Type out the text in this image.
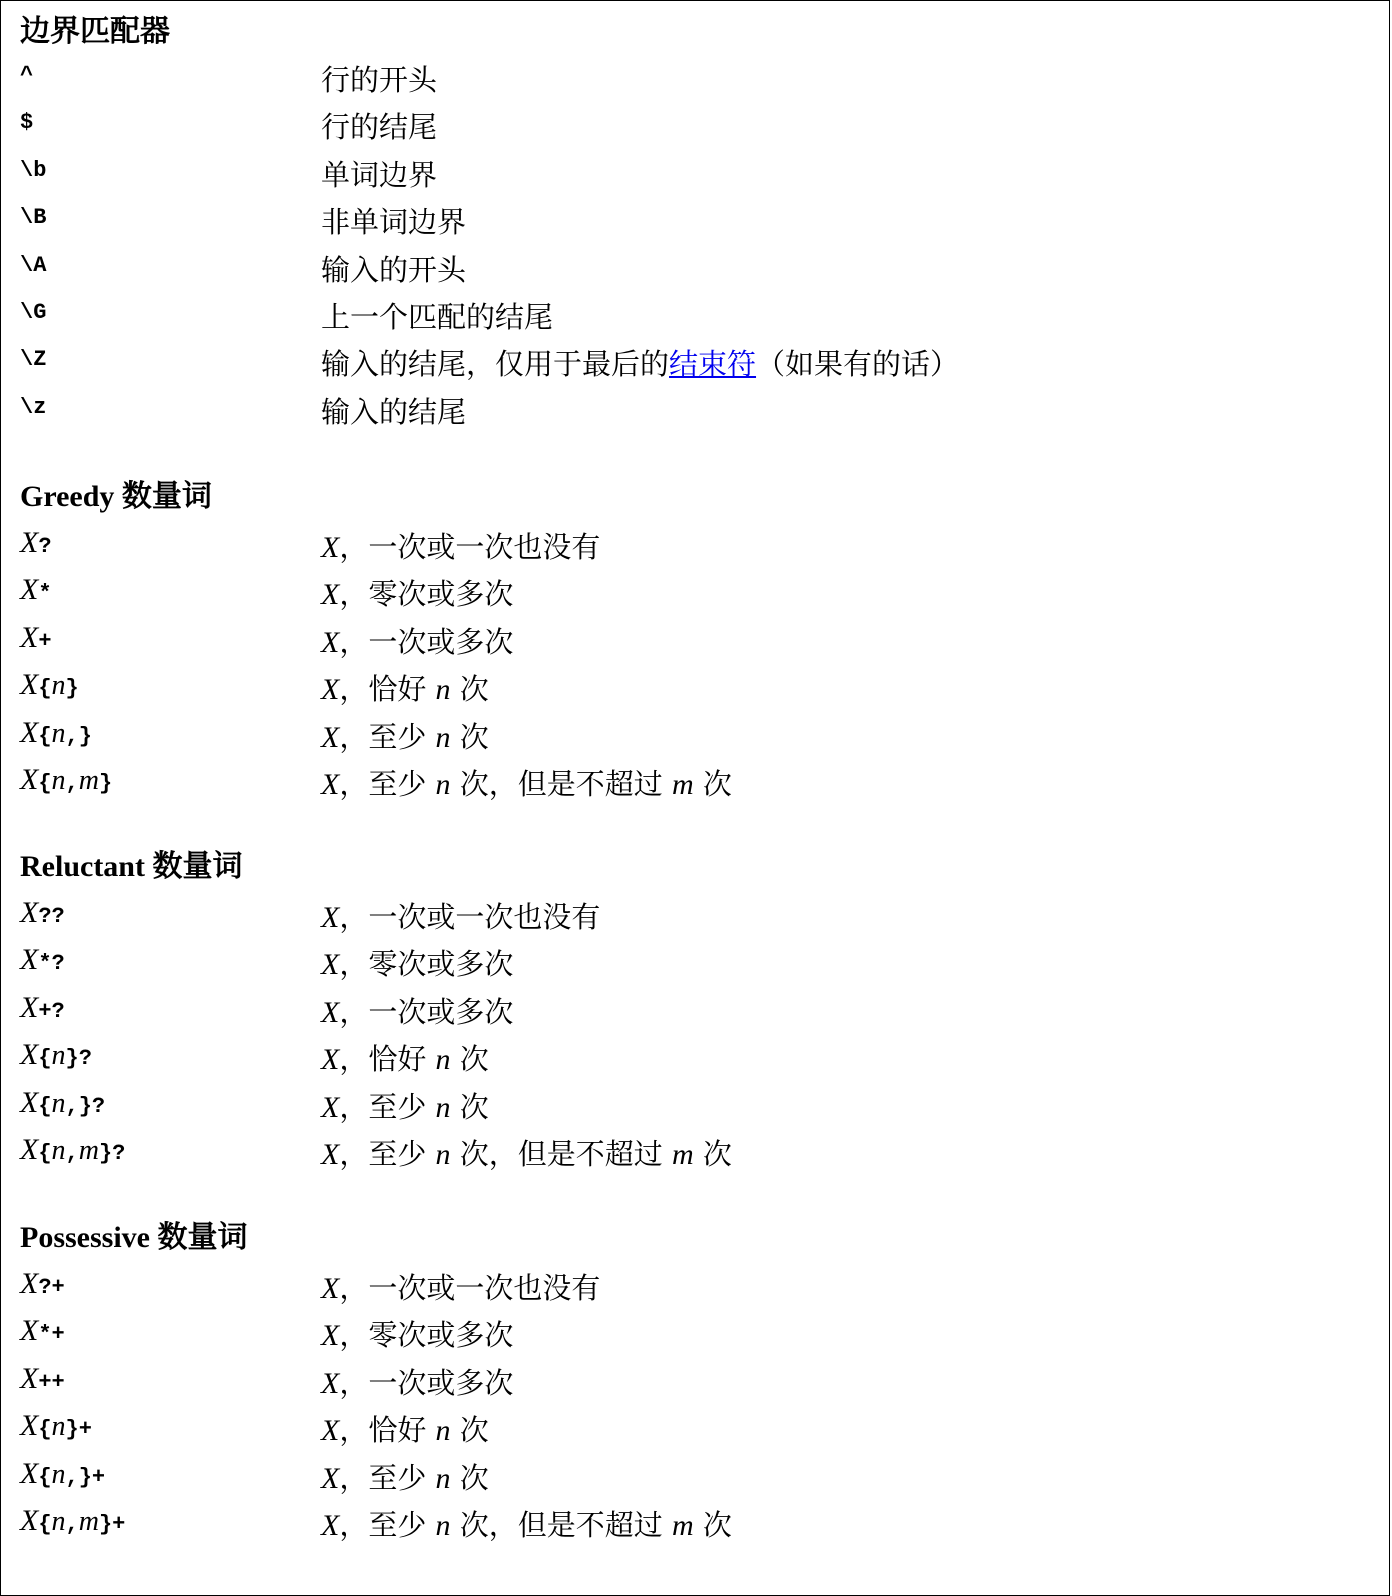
边界匹配器
^	行的开头
$	行的结尾
\b	单词边界
\B	非单词边界
\A	输入的开头
\G	上一个匹配的结尾
\Z	输入的结尾，仅用于最后的结束符（如果有的话）
\z	输入的结尾
Greedy 数量词
X?	X，一次或一次也没有
X*	X，零次或多次
X+	X，一次或多次
X{n}	X，恰好 n 次
X{n,}	X，至少 n 次
X{n,m}	X，至少 n 次，但是不超过 m 次
Reluctant 数量词
X??	X，一次或一次也没有
X*?	X，零次或多次
X+?	X，一次或多次
X{n}?	X，恰好 n 次
X{n,}?	X，至少 n 次
X{n,m}?	X，至少 n 次，但是不超过 m 次
Possessive 数量词
X?+	X，一次或一次也没有
X*+	X，零次或多次
X++	X，一次或多次
X{n}+	X，恰好 n 次
X{n,}+	X，至少 n 次
X{n,m}+	X，至少 n 次，但是不超过 m 次
